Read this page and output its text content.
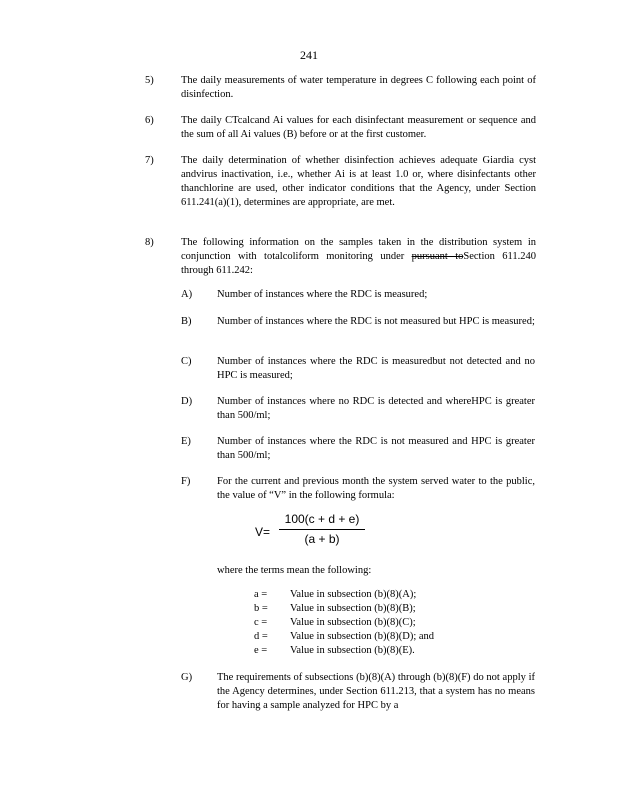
241
5)	The daily measurements of water temperature in degrees C following each point of disinfection.
6)	The daily CTcalcand Ai values for each disinfectant measurement or sequence and the sum of all Ai values (B) before or at the first customer.
7)	The daily determination of whether disinfection achieves adequate Giardia cyst andvirus inactivation, i.e., whether Ai is at least 1.0 or, where disinfectants other thanchlorine are used, other indicator conditions that the Agency, under Section 611.241(a)(1), determines are appropriate, are met.
8)	The following information on the samples taken in the distribution system in conjunction with totalcoliform monitoring under pursuant toSection 611.240 through 611.242:
A) Number of instances where the RDC is measured;
B) Number of instances where the RDC is not measured but HPC is measured;
C) Number of instances where the RDC is measuredbut not detected and no HPC is measured;
D) Number of instances where no RDC is detected and whereHPC is greater than 500/ml;
E) Number of instances where the RDC is not measured and HPC is greater than 500/ml;
F)	For the current and previous month the system served water to the public, the value of “V” in the following formula:
V=
100(c + d + e)
(a + b)
where the terms mean the following:
a = Value in subsection (b)(8)(A);
b = Value in subsection (b)(8)(B);
c = Value in subsection (b)(8)(C);
d = Value in subsection (b)(8)(D); and
e = Value in subsection (b)(8)(E).
G) The requirements of subsections (b)(8)(A) through (b)(8)(F) do not apply if the Agency determines, under Section 611.213, that a system has no means for having a sample analyzed for HPC by a
